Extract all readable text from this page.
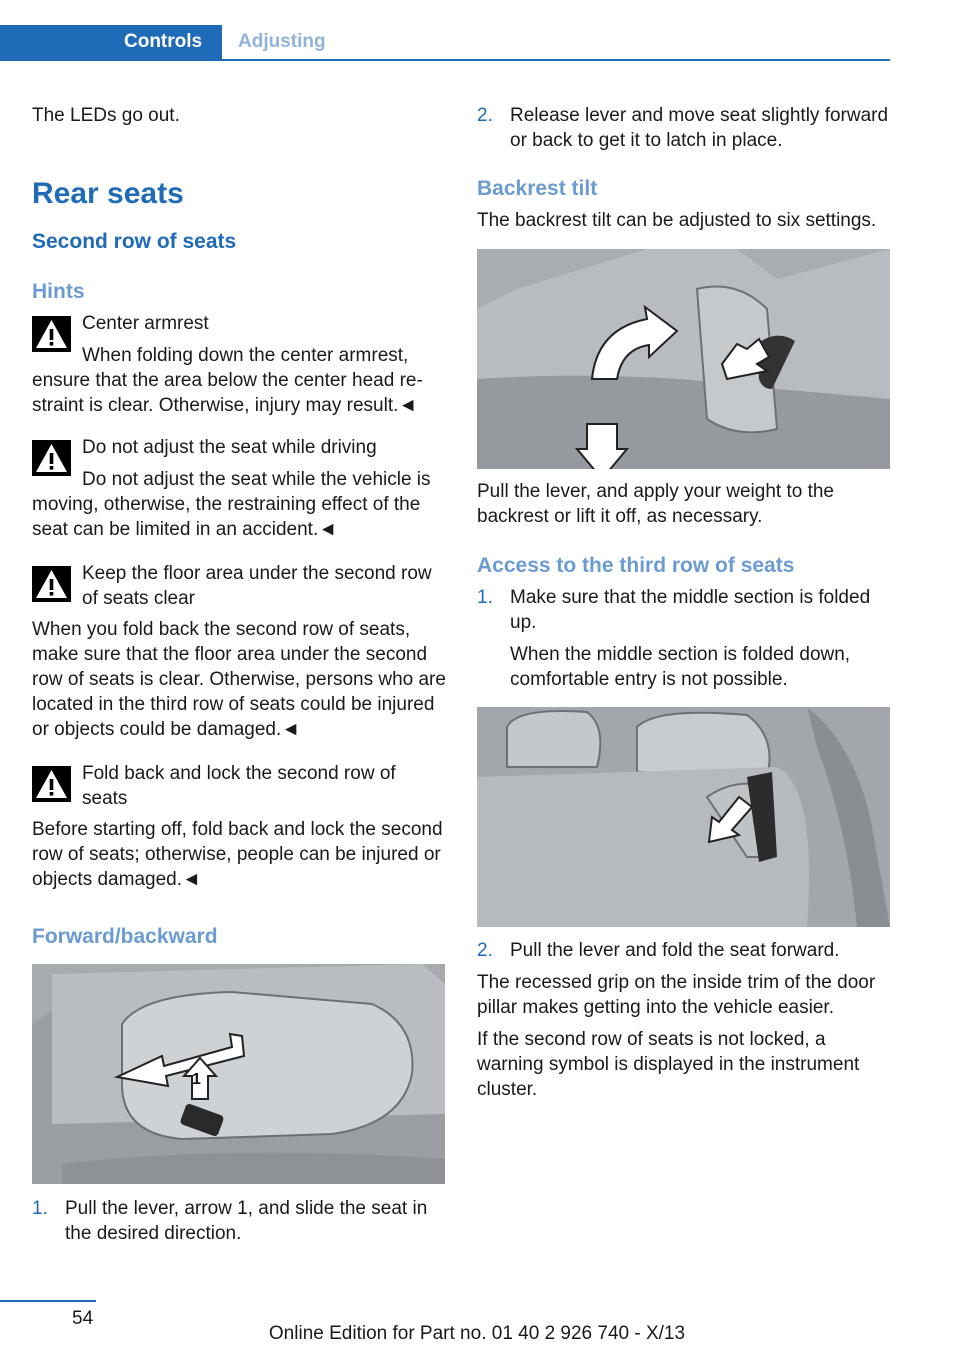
Controls Adjusting

The LEDs go out.

Rear seats
Second row of seats
Hints

Center armrest

When folding down the center armrest, ensure that the area below the center head restraint is clear. Otherwise, injury may result.◄

Do not adjust the seat while driving

Do not adjust the seat while the vehicle is moving, otherwise, the restraining effect of the seat can be limited in an accident.◄

Keep the floor area under the second row of seats clear

When you fold back the second row of seats, make sure that the floor area under the second row of seats is clear. Otherwise, persons who are located in the third row of seats could be injured or objects could be damaged.◄

Fold back and lock the second row of seats

Before starting off, fold back and lock the second row of seats; otherwise, people can be injured or objects damaged.◄

Forward/backward
1
1. Pull the lever, arrow 1, and slide the seat in the desired direction.

2. Release lever and move seat slightly forward or back to get it to latch in place.

Backrest tilt

The backrest tilt can be adjusted to six settings.

Pull the lever, and apply your weight to the backrest or lift it off, as necessary.

Access to the third row of seats
1. Make sure that the middle section is folded up.

When the middle section is folded down, comfortable entry is not possible.

2. Pull the lever and fold the seat forward.

The recessed grip on the inside trim of the door pillar makes getting into the vehicle easier.

If the second row of seats is not locked, a warning symbol is displayed in the instrument cluster.

54
Online Edition for Part no. 01 40 2 926 740 - X/13
